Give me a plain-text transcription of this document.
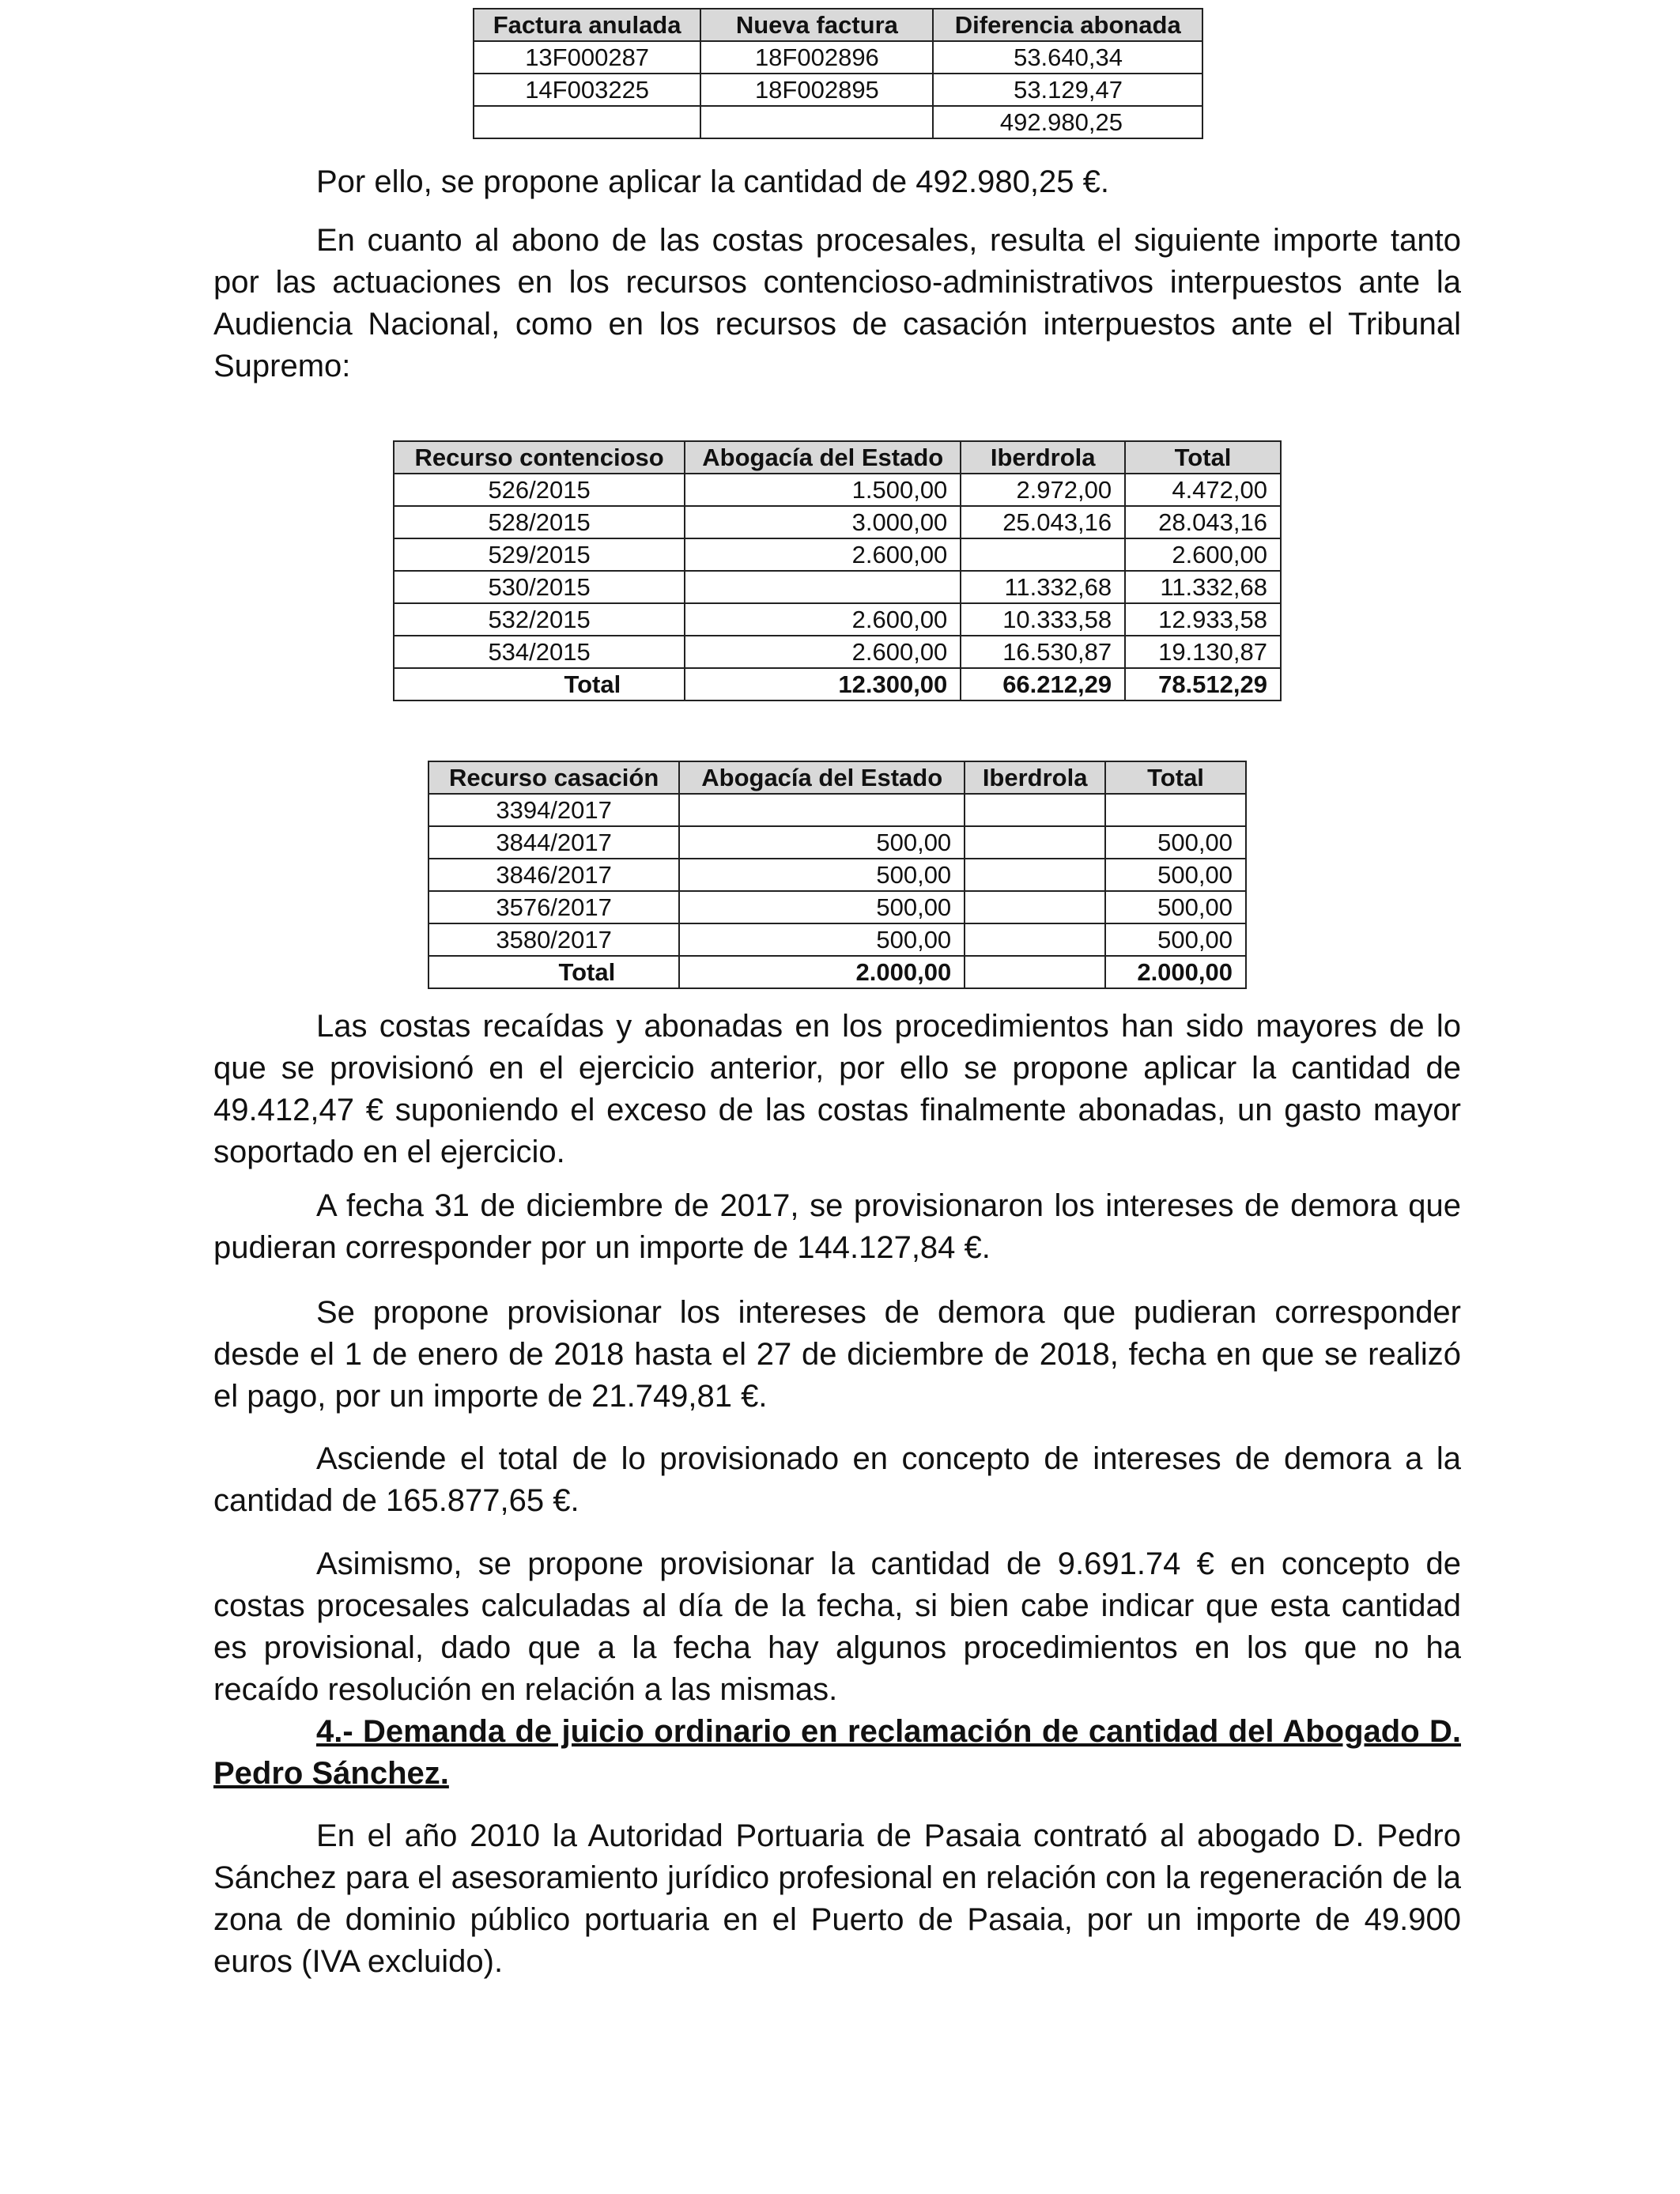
Factura anulada	Nueva factura	Diferencia abonada
13F000287	18F002896	53.640,34
14F003225	18F002895	53.129,47
		492.980,25

Por ello, se propone aplicar la cantidad de 492.980,25 €.

En cuanto al abono de las costas procesales, resulta el siguiente importe tanto por las actuaciones en los recursos contencioso-administrativos interpuestos ante la Audiencia Nacional, como en los recursos de casación interpuestos ante el Tribunal Supremo:

Recurso contencioso	Abogacía del Estado	Iberdrola	Total
526/2015	1.500,00	2.972,00	4.472,00
528/2015	3.000,00	25.043,16	28.043,16
529/2015	2.600,00		2.600,00
530/2015		11.332,68	11.332,68
532/2015	2.600,00	10.333,58	12.933,58
534/2015	2.600,00	16.530,87	19.130,87
Total	12.300,00	66.212,29	78.512,29
Recurso casación	Abogacía del Estado	Iberdrola	Total
3394/2017			
3844/2017	500,00		500,00
3846/2017	500,00		500,00
3576/2017	500,00		500,00
3580/2017	500,00		500,00
Total	2.000,00		2.000,00

Las costas recaídas y abonadas en los procedimientos han sido mayores de lo que se provisionó en el ejercicio anterior, por ello se propone aplicar la cantidad de 49.412,47 € suponiendo el exceso de las costas finalmente abonadas, un gasto mayor soportado en el ejercicio.

A fecha 31 de diciembre de 2017, se provisionaron los intereses de demora que pudieran corresponder por un importe de 144.127,84 €.

Se propone provisionar los intereses de demora que pudieran corresponder desde el 1 de enero de 2018 hasta el 27 de diciembre de 2018, fecha en que se realizó el pago, por un importe de 21.749,81 €.

Asciende el total de lo provisionado en concepto de intereses de demora a la cantidad de 165.877,65 €.

Asimismo, se propone provisionar la cantidad de 9.691.74 € en concepto de costas procesales calculadas al día de la fecha, si bien cabe indicar que esta cantidad es provisional, dado que a la fecha hay algunos procedimientos en los que no ha recaído resolución en relación a las mismas.

4.- Demanda de juicio ordinario en reclamación de cantidad del Abogado D. Pedro Sánchez.

En el año 2010 la Autoridad Portuaria de Pasaia contrató al abogado D. Pedro Sánchez para el asesoramiento jurídico profesional en relación con la regeneración de la zona de dominio público portuaria en el Puerto de Pasaia, por un importe de 49.900 euros (IVA excluido).
